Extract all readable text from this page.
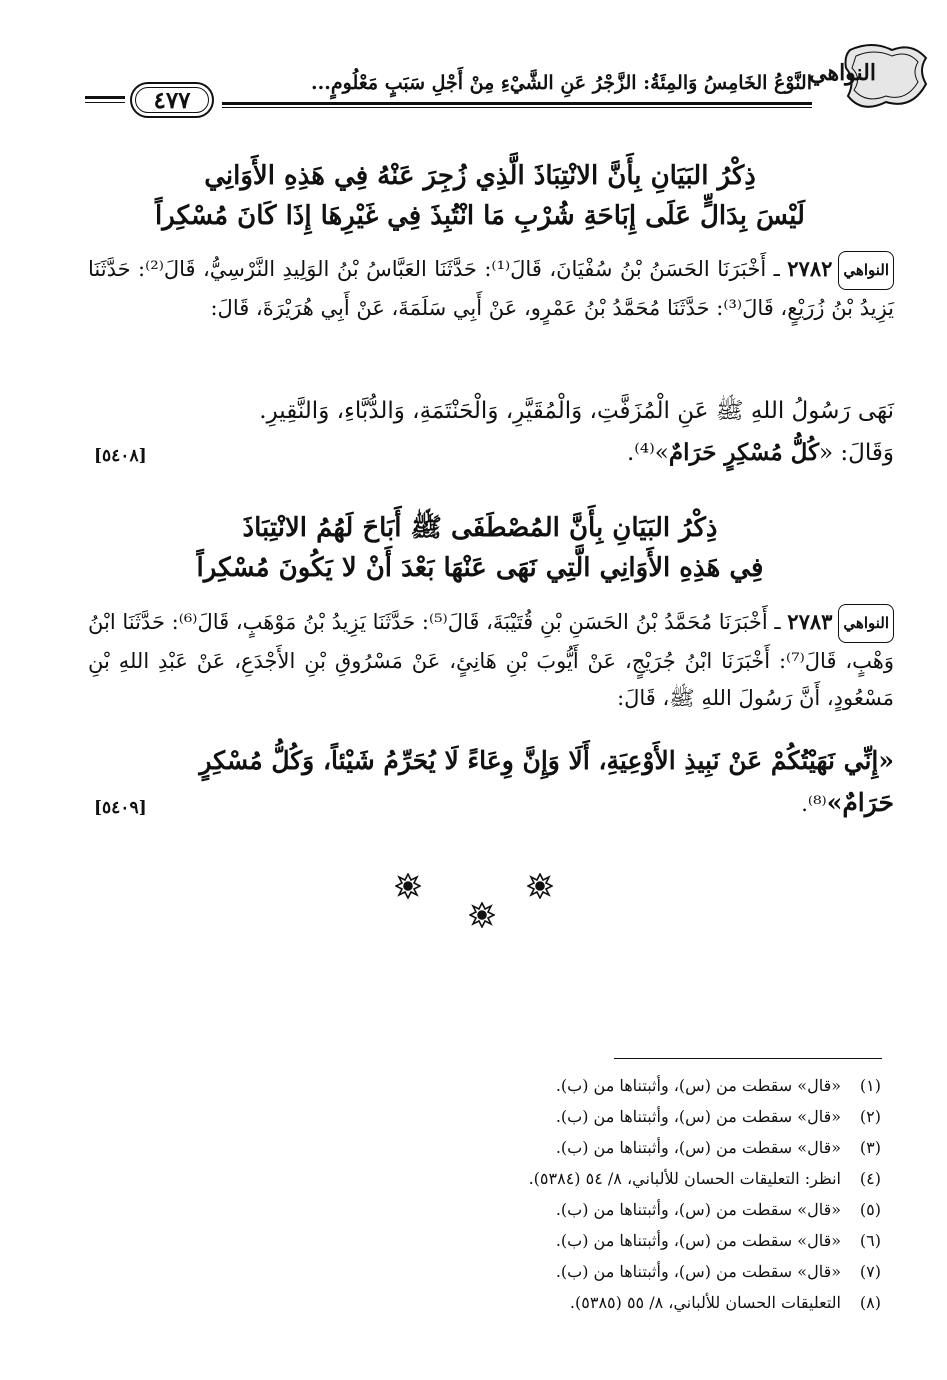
النواهي
النَّوْعُ الخَامِسُ وَالمِئَةُ: الزَّجْرُ عَنِ الشَّيْءِ مِنْ أَجْلِ سَبَبٍ مَعْلُومٍ...
٤٧٧
ذِكْرُ البَيَانِ بِأَنَّ الانْتِبَاذَ الَّذِي زُجِرَ عَنْهُ فِي هَذِهِ الأَوَانِي
لَيْسَ بِدَالٍّ عَلَى إِبَاحَةِ شُرْبِ مَا انْتُبِذَ فِي غَيْرِهَا إِذَا كَانَ مُسْكِراً
النواهي٢٧٨٢ ـ أَخْبَرَنَا الحَسَنُ بْنُ سُفْيَانَ، قَالَ⁽¹⁾: حَدَّثَنَا العَبَّاسُ بْنُ الوَلِيدِ النَّرْسِيُّ، قَالَ⁽²⁾: حَدَّثَنَا يَزِيدُ بْنُ زُرَيْعٍ، قَالَ⁽³⁾: حَدَّثَنَا مُحَمَّدُ بْنُ عَمْرٍو، عَنْ أَبِي سَلَمَةَ، عَنْ أَبِي هُرَيْرَةَ، قَالَ:
نَهَى رَسُولُ اللهِ ﷺ عَنِ الْمُزَفَّتِ، وَالْمُقَيَّرِ، وَالْحَنْتَمَةِ، وَالدُّبَّاءِ، وَالنَّقِيرِ.
وَقَالَ: «كُلُّ مُسْكِرٍ حَرَامٌ»⁽⁴⁾.
[٥٤٠٨]
ذِكْرُ البَيَانِ بِأَنَّ المُصْطَفَى ﷺ أَبَاحَ لَهُمُ الانْتِبَاذَ
فِي هَذِهِ الأَوَانِي الَّتِي نَهَى عَنْهَا بَعْدَ أَنْ لا يَكُونَ مُسْكِراً
النواهي٢٧٨٣ ـ أَخْبَرَنَا مُحَمَّدُ بْنُ الحَسَنِ بْنِ قُتَيْبَةَ، قَالَ⁽⁵⁾: حَدَّثَنَا يَزِيدُ بْنُ مَوْهَبٍ، قَالَ⁽⁶⁾: حَدَّثَنَا ابْنُ وَهْبٍ، قَالَ⁽⁷⁾: أَخْبَرَنَا ابْنُ جُرَيْجٍ، عَنْ أَيُّوبَ بْنِ هَانِئٍ، عَنْ مَسْرُوقِ بْنِ الأَجْدَعِ، عَنْ عَبْدِ اللهِ بْنِ مَسْعُودٍ، أَنَّ رَسُولَ اللهِ ﷺ، قَالَ:
«إِنِّي نَهَيْتُكُمْ عَنْ نَبِيذِ الأَوْعِيَةِ، أَلَا وَإِنَّ وِعَاءً لَا يُحَرِّمُ شَيْئاً، وَكُلُّ مُسْكِرٍ
حَرَامٌ»⁽⁸⁾.
[٥٤٠٩]
(١)
«قال» سقطت من (س)، وأثبتناها من (ب).
(٢)
«قال» سقطت من (س)، وأثبتناها من (ب).
(٣)
«قال» سقطت من (س)، وأثبتناها من (ب).
(٤)
انظر: التعليقات الحسان للألباني، ٨/ ٥٤ (٥٣٨٤).
(٥)
«قال» سقطت من (س)، وأثبتناها من (ب).
(٦)
«قال» سقطت من (س)، وأثبتناها من (ب).
(٧)
«قال» سقطت من (س)، وأثبتناها من (ب).
(٨)
التعليقات الحسان للألباني، ٨/ ٥٥ (٥٣٨٥).
